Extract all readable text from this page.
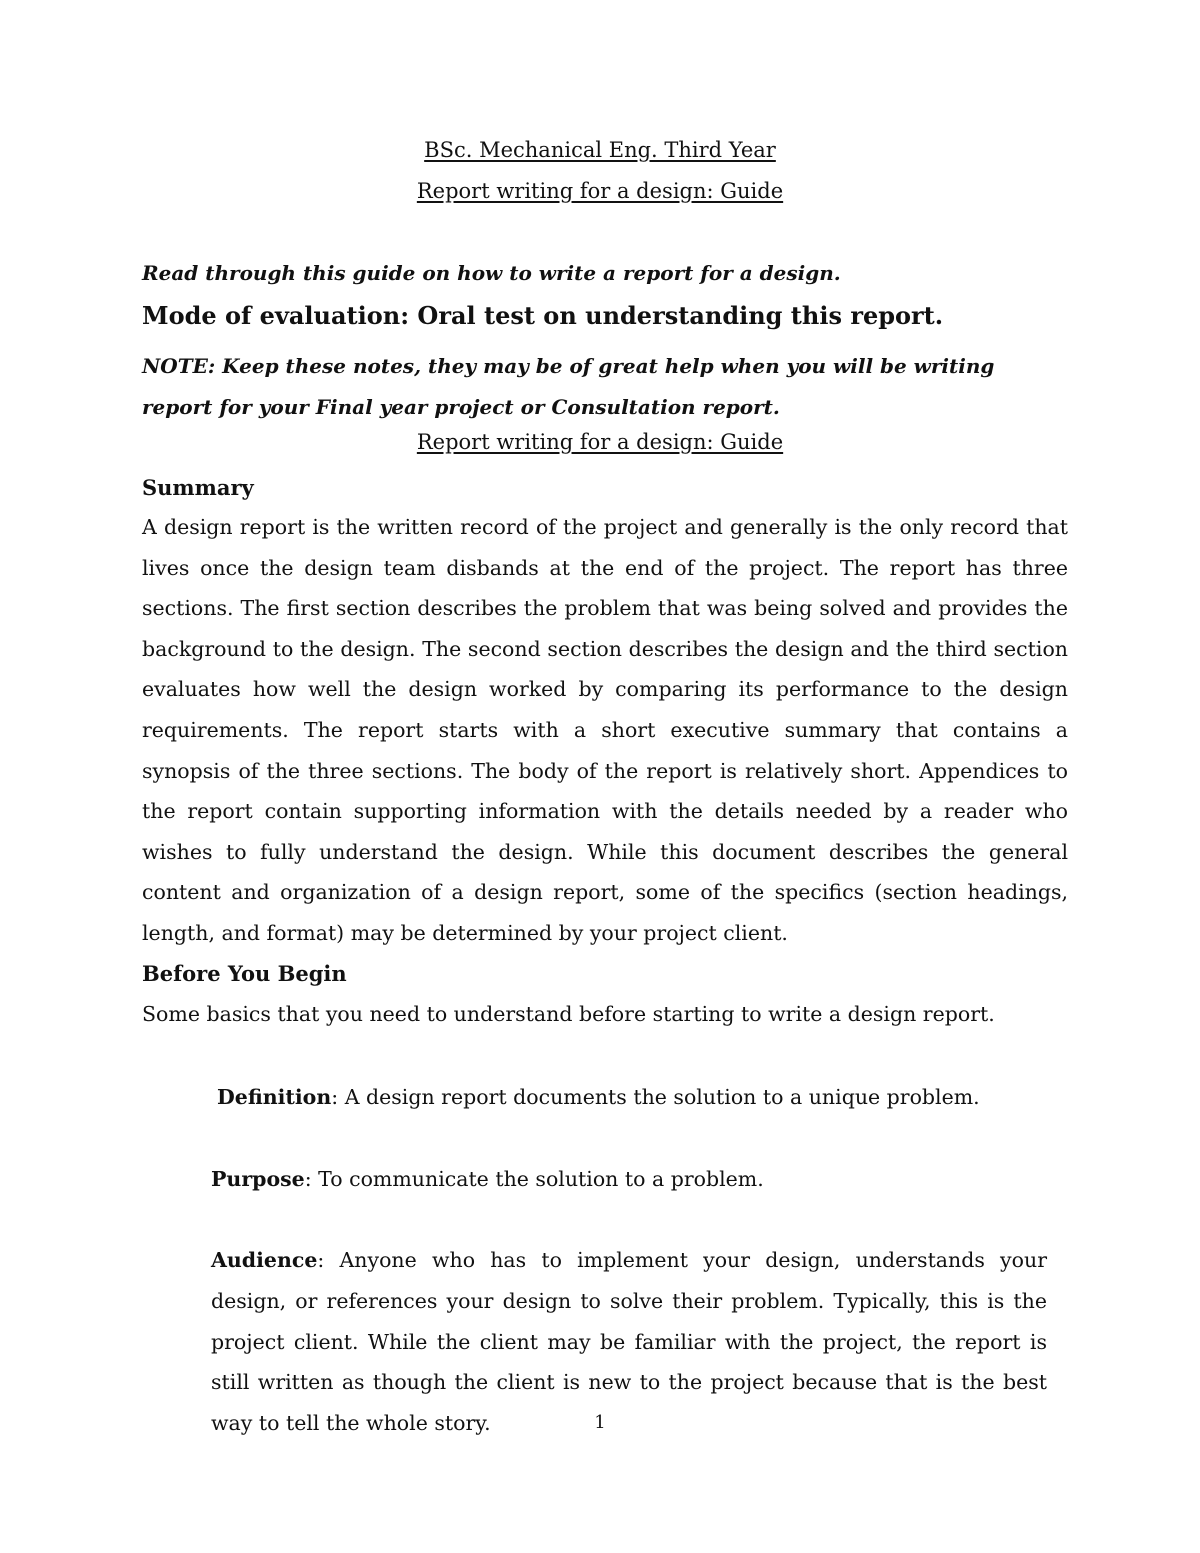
BSc. Mechanical Eng. Third Year
Report writing for a design: Guide
Read through this guide on how to write a report for a design.
Mode of evaluation: Oral test on understanding this report.
NOTE: Keep these notes, they may be of great help when you will be writing report for your Final year project or Consultation report.
Report writing for a design: Guide
Summary
A design report is the written record of the project and generally is the only record that lives once the design team disbands at the end of the project. The report has three sections. The first section describes the problem that was being solved and provides the background to the design. The second section describes the design and the third section evaluates how well the design worked by comparing its performance to the design requirements. The report starts with a short executive summary that contains a synopsis of the three sections. The body of the report is relatively short. Appendices to the report contain supporting information with the details needed by a reader who wishes to fully understand the design. While this document describes the general content and organization of a design report, some of the specifics (section headings, length, and format) may be determined by your project client.
Before You Begin
Some basics that you need to understand before starting to write a design report.
Definition: A design report documents the solution to a unique problem.
Purpose: To communicate the solution to a problem.
Audience: Anyone who has to implement your design, understands your design, or references your design to solve their problem. Typically, this is the project client. While the client may be familiar with the project, the report is still written as though the client is new to the project because that is the best way to tell the whole story.	1
